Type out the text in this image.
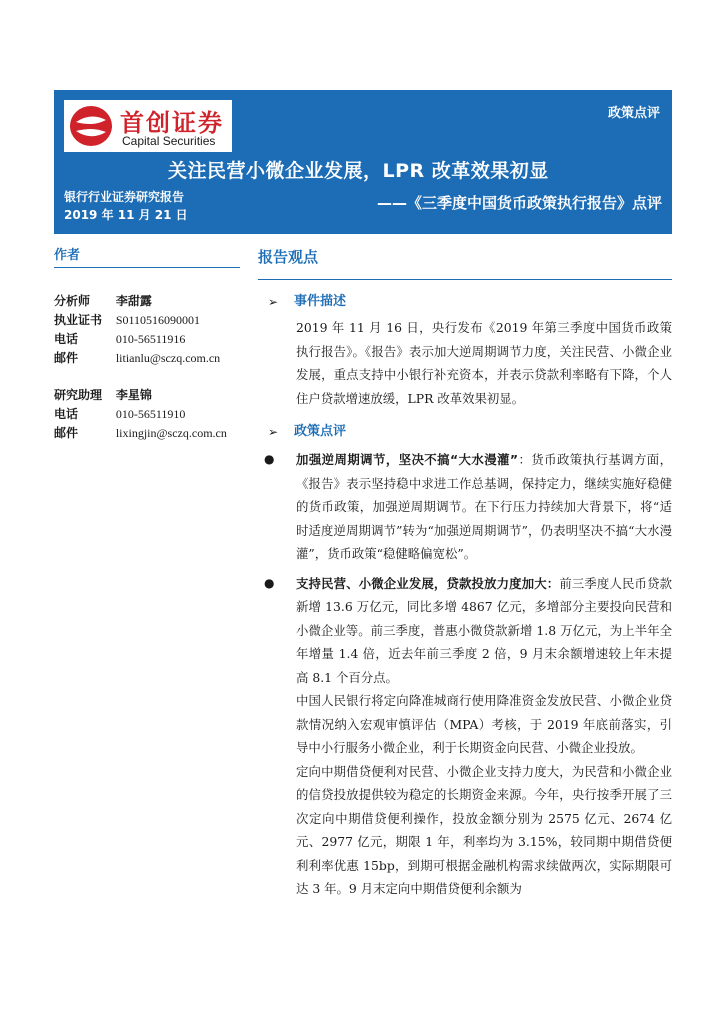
首创证券
Capital Securities
政策点评
关注民营小微企业发展，LPR 改革效果初显
银行行业证券研究报告
2019 年 11 月 21 日
——《三季度中国货币政策执行报告》点评
作者
分析师 李甜露
执业证书 S0110516090001
电话	010-56511916
邮件	litianlu@sczq.com.cn
研究助理 李星锦
电话	010-56511910
邮件	lixingjin@sczq.com.cn
报告观点
➢ 事件描述
2019 年 11 月 16 日，央行发布《2019 年第三季度中国货币政策执行报告》。《报告》表示加大逆周期调节力度，关注民营、小微企业发展，重点支持中小银行补充资本，并表示贷款利率略有下降，个人住户贷款增速放缓，LPR 改革效果初显。
➢ 政策点评
● 加强逆周期调节，坚决不搞“大水漫灌”：货币政策执行基调方面，《报告》表示坚持稳中求进工作总基调，保持定力，继续实施好稳健的货币政策，加强逆周期调节。在下行压力持续加大背景下，将“适时适度逆周期调节”转为“加强逆周期调节”，仍表明坚决不搞“大水漫灌”，货币政策“稳健略偏宽松”。
● 支持民营、小微企业发展，贷款投放力度加大：前三季度人民币贷款新增 13.6 万亿元，同比多增 4867 亿元，多增部分主要投向民营和小微企业等。前三季度，普惠小微贷款新增 1.8 万亿元，为上半年全年增量 1.4 倍，近去年前三季度 2 倍，9 月末余额增速较上年末提高 8.1 个百分点。
中国人民银行将定向降准城商行使用降准资金发放民营、小微企业贷款情况纳入宏观审慎评估（MPA）考核，于 2019 年底前落实，引导中小行服务小微企业，利于长期资金向民营、小微企业投放。
定向中期借贷便利对民营、小微企业支持力度大，为民营和小微企业的信贷投放提供较为稳定的长期资金来源。今年，央行按季开展了三次定向中期借贷便利操作，投放金额分别为 2575 亿元、2674 亿元、2977 亿元，期限 1 年，利率均为 3.15%，较同期中期借贷便利利率优惠 15bp，到期可根据金融机构需求续做两次，实际期限可达 3 年。9 月末定向中期借贷便利余额为
